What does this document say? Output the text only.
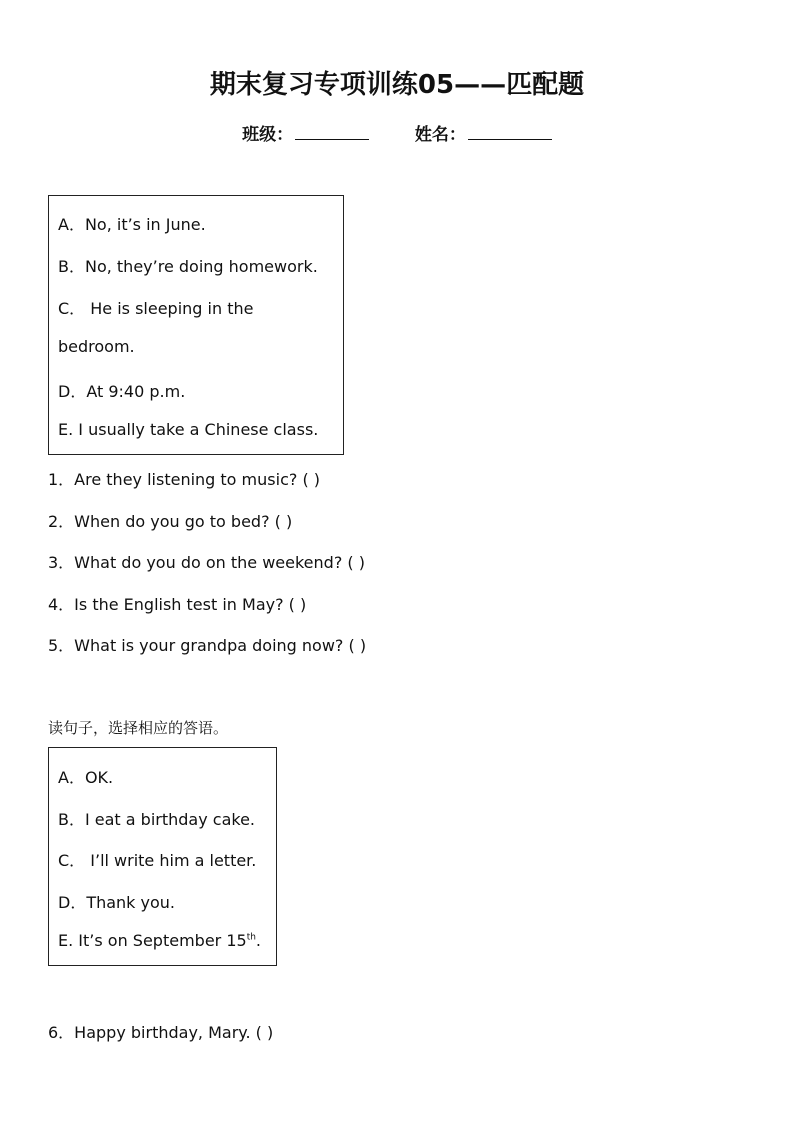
期末复习专项训练05——匹配题
班级：	姓名：
A．No, it’s in June.
B．No, they’re doing homework.
C． He is sleeping in the
bedroom.
D．At 9:40 p.m.
E. I usually take a Chinese class.
1．Are they listening to music? ( )
2．When do you go to bed? ( )
3．What do you do on the weekend? ( )
4．Is the English test in May? ( )
5．What is your grandpa doing now? ( )
读句子，选择相应的答语。
A．OK.
B．I eat a birthday cake.
C． I’ll write him a letter.
D．Thank you.
E. It’s on September 15th.
6．Happy birthday, Mary. ( )
